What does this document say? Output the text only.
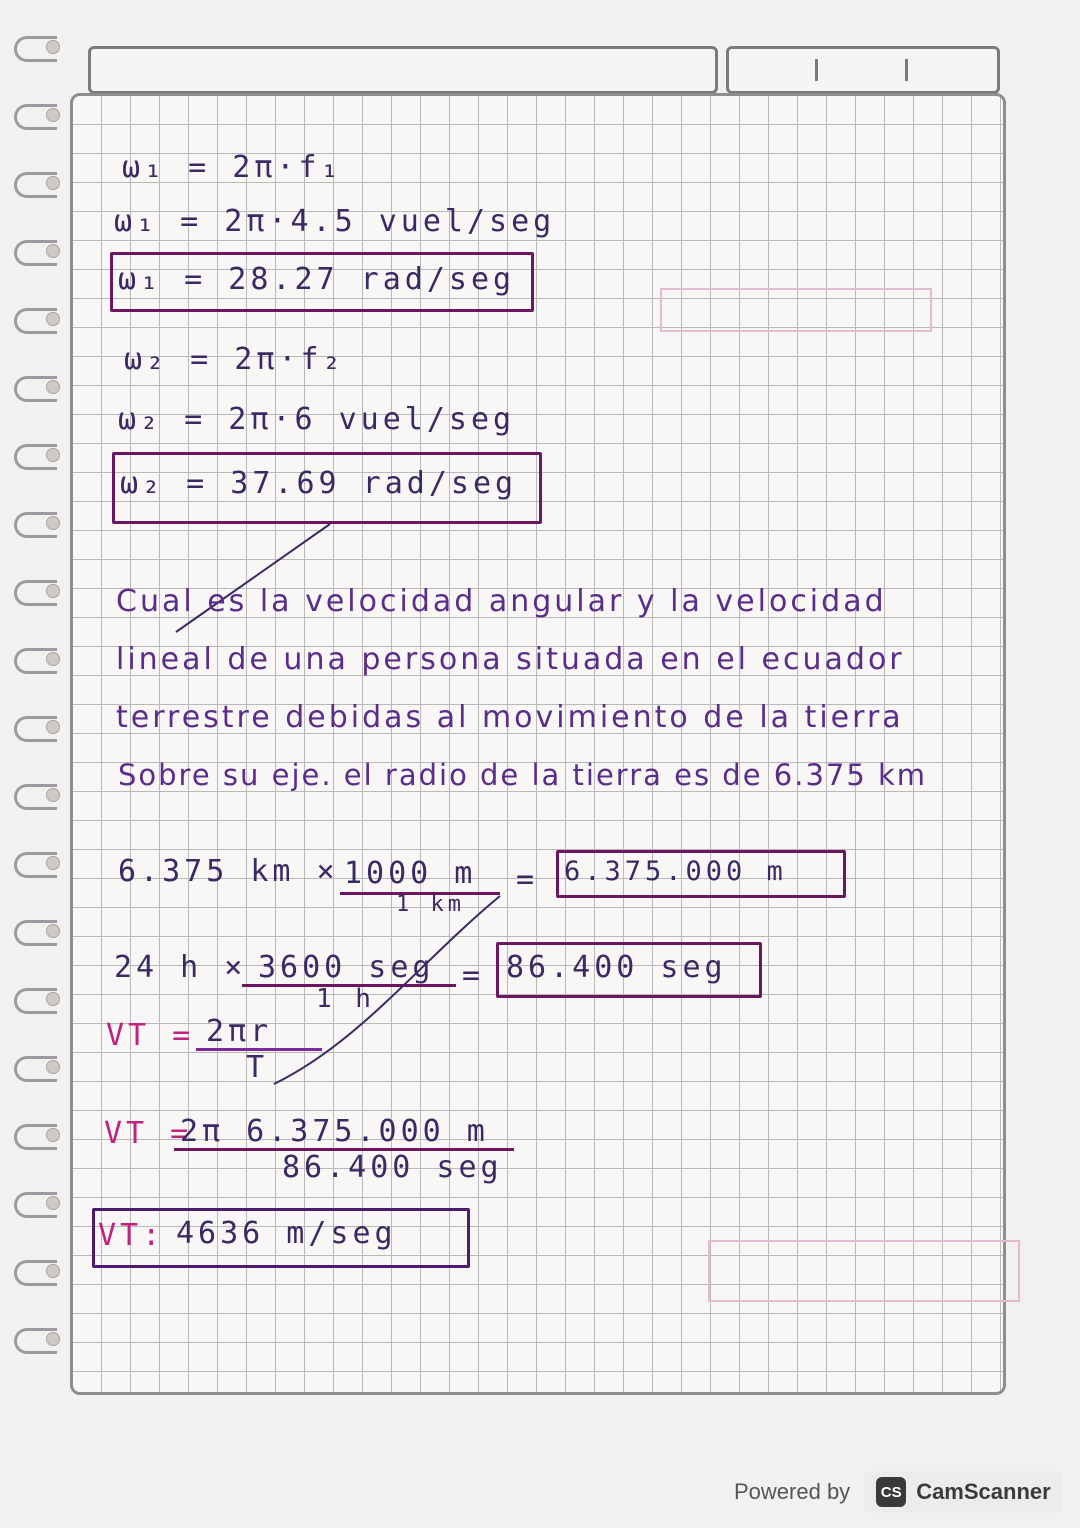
ω₁ = 2π·f₁
ω₁ = 2π·4.5 vuel/seg
ω₁ = 28.27 rad/seg
ω₂ = 2π·f₂
ω₂ = 2π·6 vuel/seg
ω₂ = 37.69 rad/seg
Cual es la velocidad angular y la velocidad
lineal de una persona situada en el ecuador
terrestre debidas al movimiento de la tierra
Sobre su eje. el radio de la tierra es de 6.375 km
6.375 km × 1000 m
1 km
= 6.375.000 m
24 h × 3600 seg
1 h
= 86.400 seg
VT = 2πr
T
VT =
2π 6.375.000 m
86.400 seg
VT: 4636 m/seg
Powered by	CS CamScanner
